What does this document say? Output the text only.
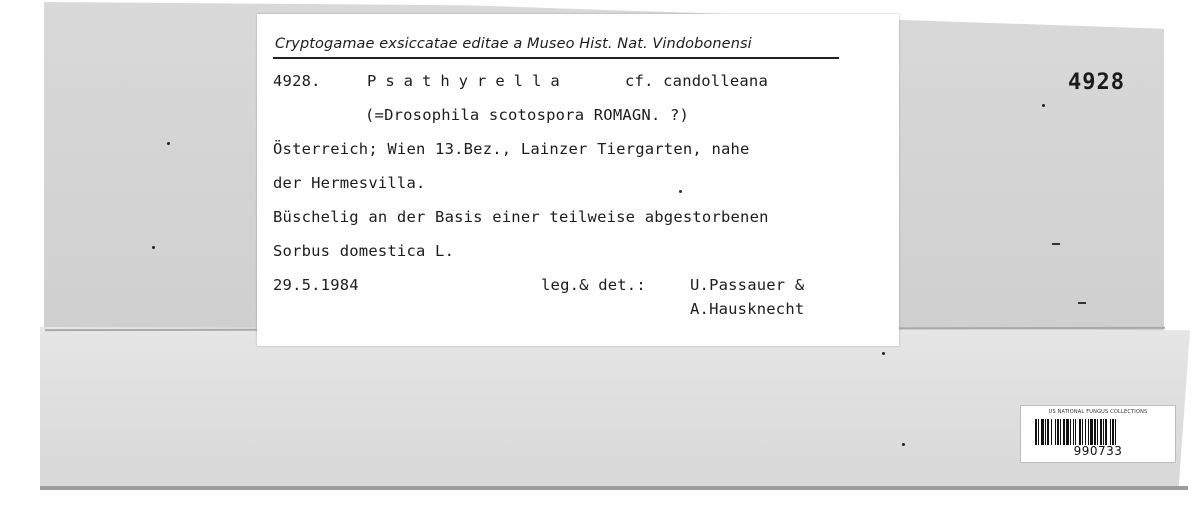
4928
Cryptogamae exsiccatae editae a Museo Hist. Nat. Vindobonensi
4928.	Psathyrella	cf. candolleana
(=Drosophila scotospora ROMAGN. ?)
Österreich; Wien 13.Bez., Lainzer Tiergarten, nahe
der Hermesvilla.
Büschelig an der Basis einer teilweise abgestorbenen
Sorbus domestica L.
29.5.1984	leg.& det.:	U.Passauer &
A.Hausknecht
US NATIONAL FUNGUS COLLECTIONS
990733
